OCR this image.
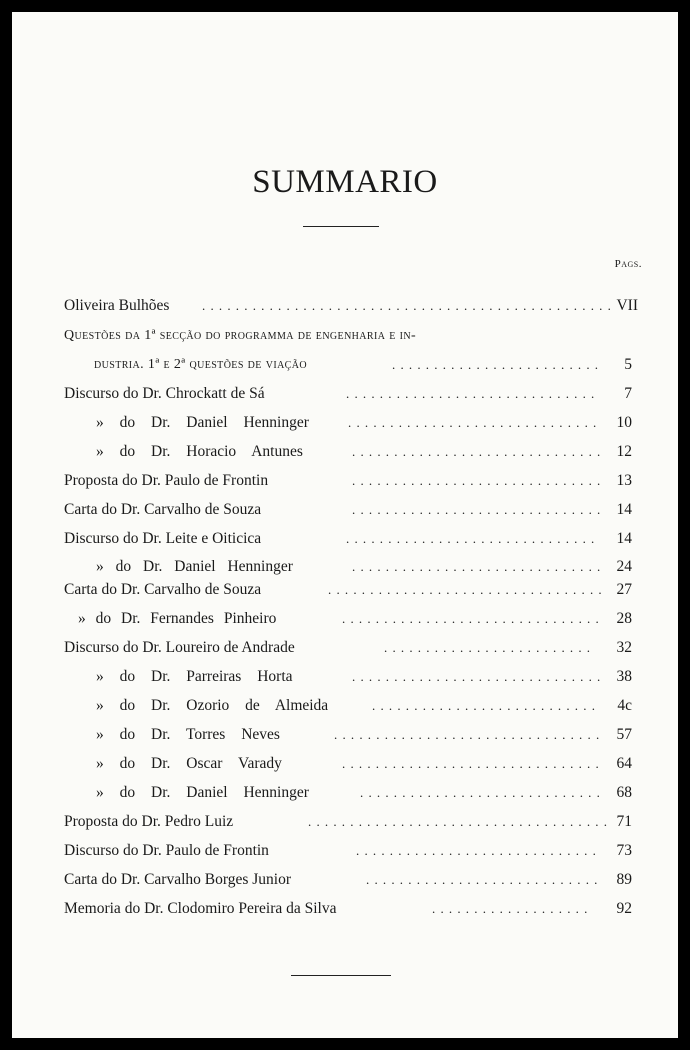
SUMMARIO
Pags.
Oliveira Bulhões	................................................. VII
Questões da 1ª secção do programma de engenharia e in-
dustria. 1ª e 2ª questões de viação	.........................	5
Discurso do Dr. Chrockatt de Sá	..............................	7
» do Dr. Daniel Henninger	.............................. 10
» do Dr. Horacio Antunes	.............................. 12
Proposta do Dr. Paulo de Frontin	.............................. 13
Carta do Dr. Carvalho de Souza	.............................. 14
Discurso do Dr. Leite e Oiticica	..............................	14
» do Dr. Daniel Henninger	.............................. 24
Carta do Dr. Carvalho de Souza	................................. 27
» do Dr. Fernandes Pinheiro	............................... 28
Discurso do Dr. Loureiro de Andrade	.........................	32
» do Dr. Parreiras Horta	.............................. 38
» do Dr. Ozorio de Almeida	...........................	4c
» do Dr. Torres Neves	................................ 57
» do Dr. Oscar Varady	............................... 64
» do Dr. Daniel Henninger	............................. 68
Proposta do Dr. Pedro Luiz	.................................... 71
Discurso do Dr. Paulo de Frontin	............................. 73
Carta do Dr. Carvalho Borges Junior	............................ 89
Memoria do Dr. Clodomiro Pereira da Silva	...................	92
